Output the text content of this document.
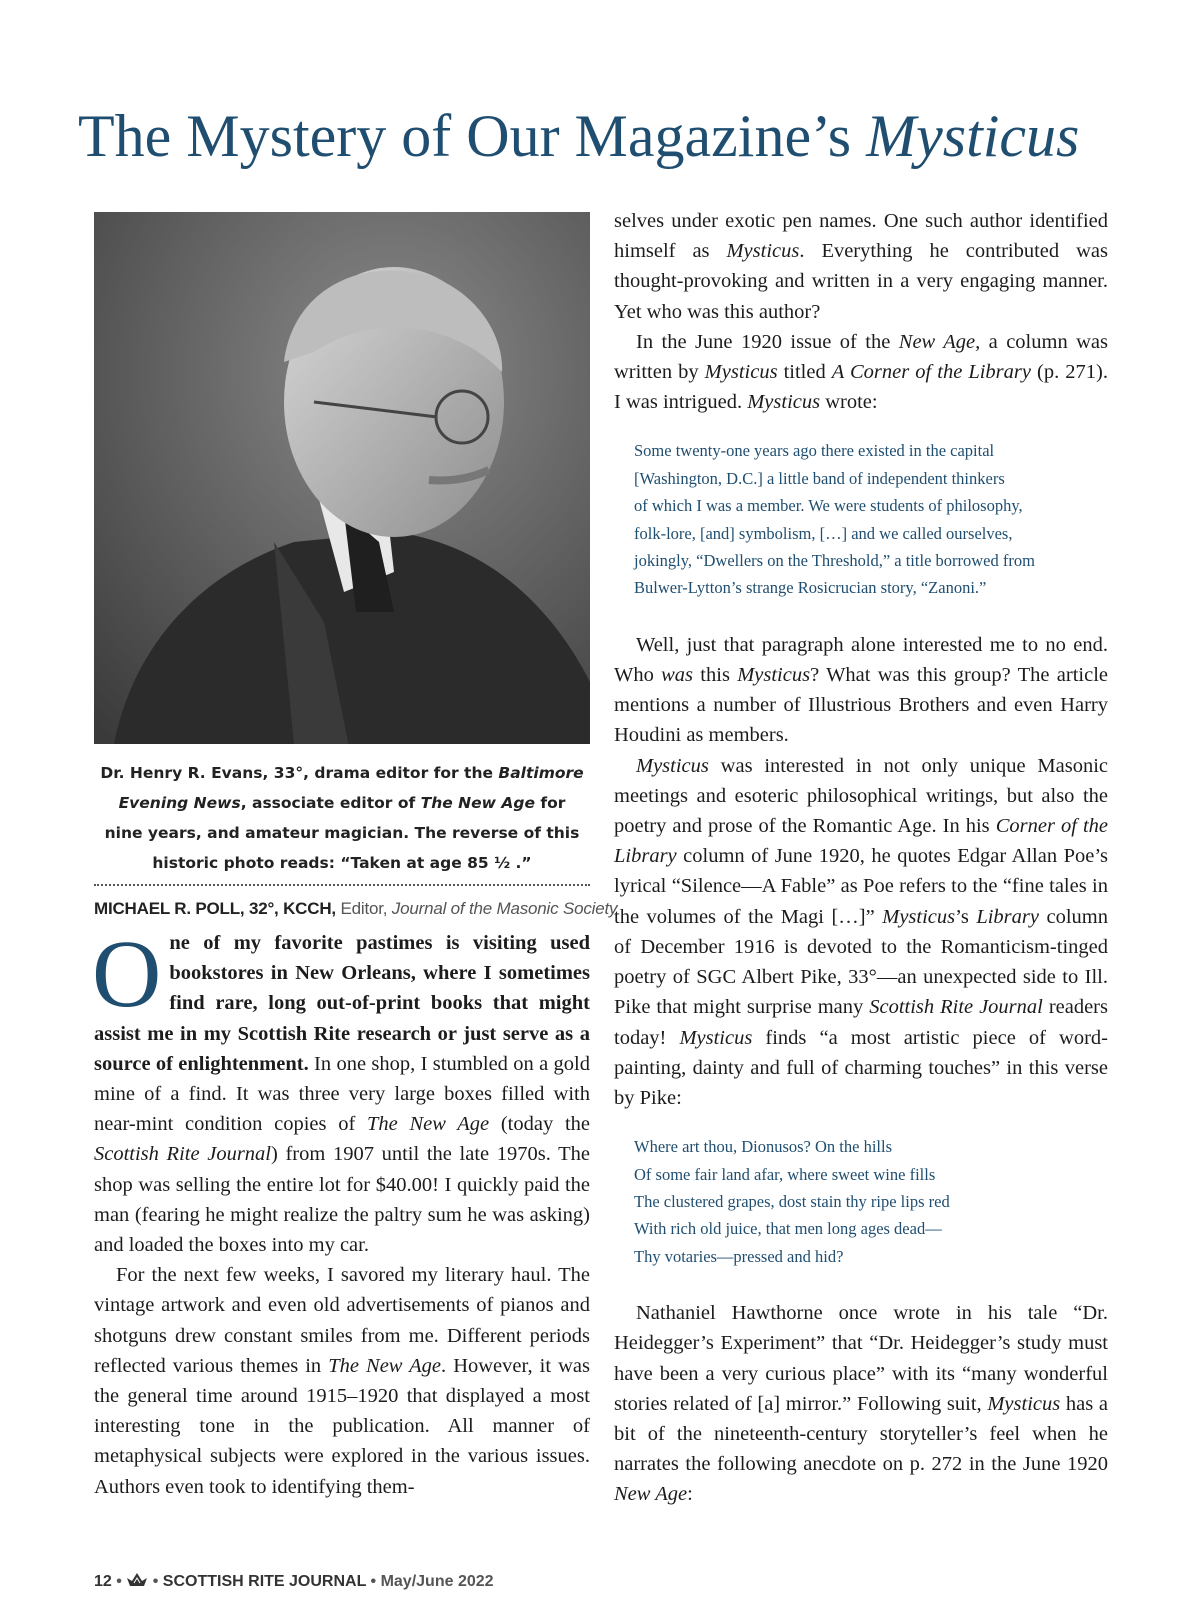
The Mystery of Our Magazine’s Mysticus

Dr. Henry R. Evans, 33°, drama editor for the Baltimore Evening News, associate editor of The New Age for nine years, and amateur magician. The reverse of this historic photo reads: “Taken at age 85 ½ .”

MICHAEL R. POLL, 32°, KCCH, Editor, Journal of the Masonic Society

One of my favorite pastimes is visiting used bookstores in New Orleans, where I sometimes find rare, long out-of-print books that might assist me in my Scottish Rite research or just serve as a source of enlightenment. In one shop, I stumbled on a gold mine of a find. It was three very large boxes filled with near-mint condition copies of The New Age (today the Scottish Rite Journal) from 1907 until the late 1970s. The shop was selling the entire lot for $40.00! I quickly paid the man (fearing he might realize the paltry sum he was asking) and loaded the boxes into my car.

For the next few weeks, I savored my literary haul. The vintage artwork and even old advertisements of pianos and shotguns drew constant smiles from me. Different periods reflected various themes in The New Age. However, it was the general time around 1915–1920 that displayed a most interesting tone in the publication. All manner of metaphysical subjects were explored in the various issues. Authors even took to identifying them-

selves under exotic pen names. One such author identified himself as Mysticus. Everything he contributed was thought-provoking and written in a very engaging manner. Yet who was this author?

In the June 1920 issue of the New Age, a column was written by Mysticus titled A Corner of the Library (p. 271). I was intrigued. Mysticus wrote:

Some twenty-one years ago there existed in the capital
[Washington, D.C.] a little band of independent thinkers
of which I was a member. We were students of philosophy,
folk-lore, [and] symbolism, […] and we called ourselves,
jokingly, “Dwellers on the Threshold,” a title borrowed from
Bulwer-Lytton’s strange Rosicrucian story, “Zanoni.”

Well, just that paragraph alone interested me to no end. Who was this Mysticus? What was this group? The article mentions a number of Illustrious Brothers and even Harry Houdini as members.

Mysticus was interested in not only unique Masonic meetings and esoteric philosophical writings, but also the poetry and prose of the Romantic Age. In his Corner of the Library column of June 1920, he quotes Edgar Allan Poe’s lyrical “Silence—A Fable” as Poe refers to the “fine tales in the volumes of the Magi […]” Mysticus’s Library column of December 1916 is devoted to the Romanticism-tinged poetry of SGC Albert Pike, 33°—an unexpected side to Ill. Pike that might surprise many Scottish Rite Journal readers today! Mysticus finds “a most artistic piece of word-painting, dainty and full of charming touches” in this verse by Pike:

Where art thou, Dionusos? On the hills
Of some fair land afar, where sweet wine fills
The clustered grapes, dost stain thy ripe lips red
With rich old juice, that men long ages dead—
Thy votaries—pressed and hid?

Nathaniel Hawthorne once wrote in his tale “Dr. Heidegger’s Experiment” that “Dr. Heidegger’s study must have been a very curious place” with its “many wonderful stories related of [a] mirror.” Following suit, Mysticus has a bit of the nineteenth-century storyteller’s feel when he narrates the following anecdote on p. 272 in the June 1920 New Age:

12 •  • SCOTTISH RITE JOURNAL • May/June 2022
